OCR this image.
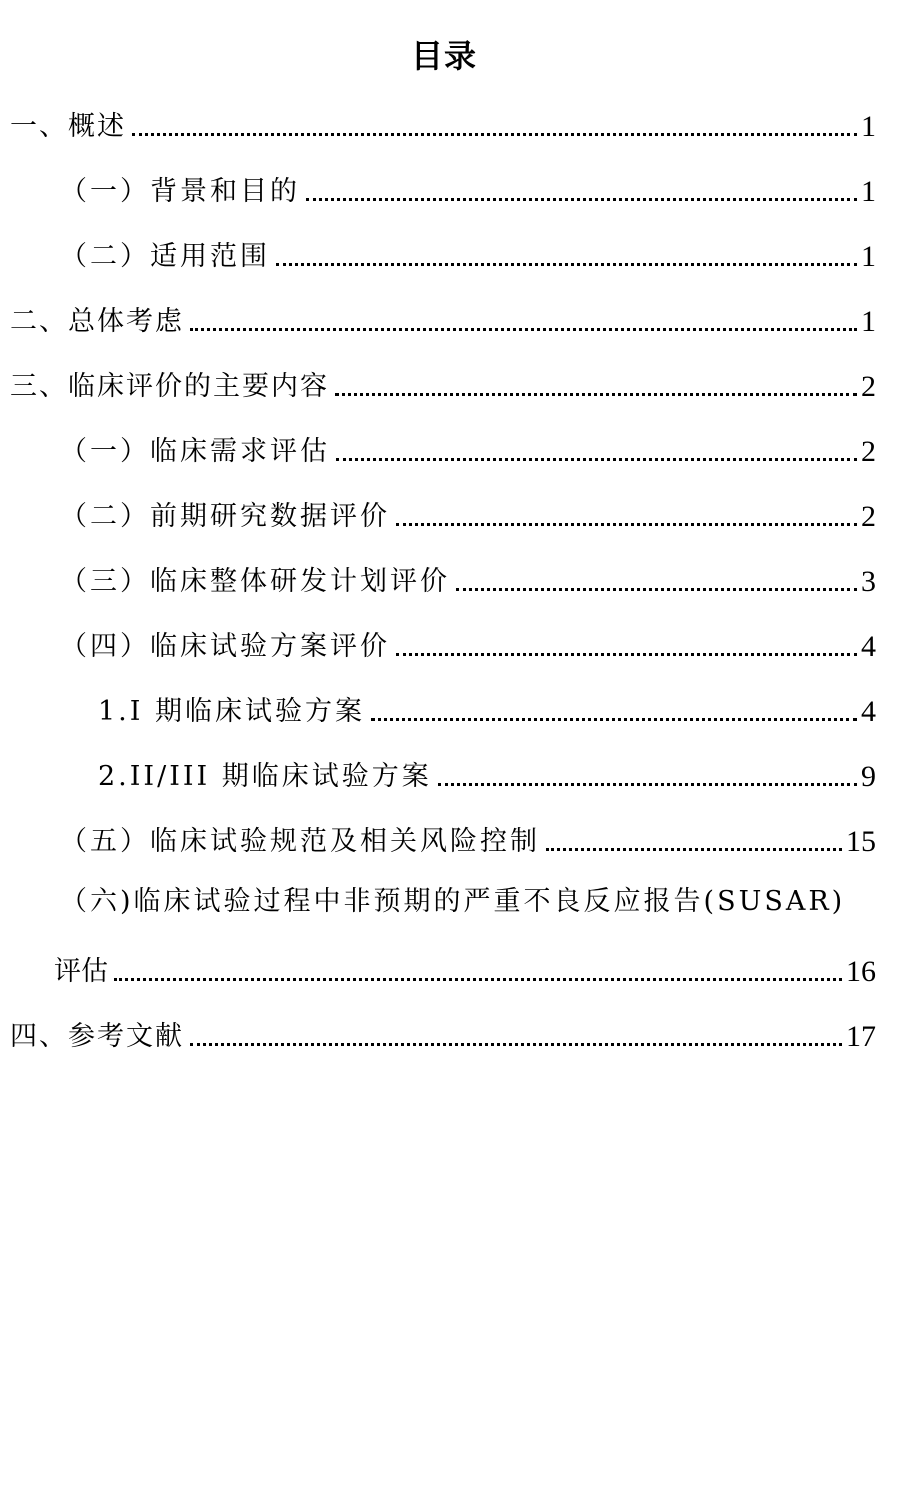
目录
一、概述	1
（一）背景和目的	1
（二）适用范围	1
二、总体考虑	1
三、临床评价的主要内容	2
（一）临床需求评估	2
（二）前期研究数据评价	2
（三）临床整体研发计划评价	3
（四）临床试验方案评价	4
1.I 期临床试验方案	4
2.II/III 期临床试验方案	9
（五）临床试验规范及相关风险控制	15
（六)临床试验过程中非预期的严重不良反应报告(SUSAR)
评估	16
四、参考文献	17
